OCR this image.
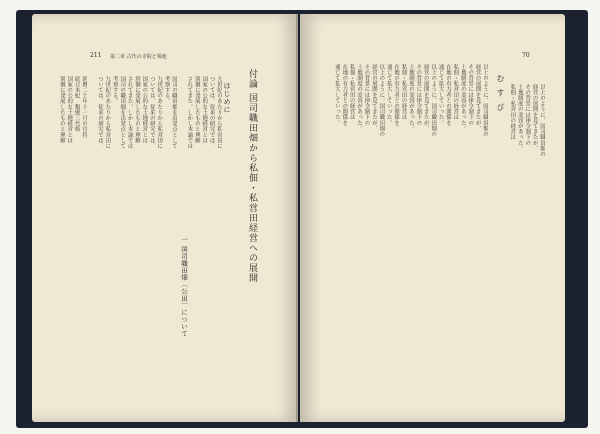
211 第二章 古代の寺院と領地
付論 国司職田畑から私佃・私営田経営への展開
はじめに
一 国司職田畑〔公田〕について
九世紀のあたりから私営田に
ついては、従来の研究では、
国家の公的な土地経営とは
別個に発展したものと理解
されてきた。しかし本論では
国司の職田畑を出発点として
考察する。
九世紀のあたりから私営田に
ついては、従来の研究では、
国家の公的な土地経営とは
別個に発展したものと理解
されてきた。しかし本論では
国司の職田畑を出発点として
考察する。
九世紀のあたりから私営田に
ついては、従来の研究では、
延暦二十年十一月の官符
続日本紀　類聚三代格
国家の公的な土地経営とは
別個に発展したものと理解
70
む す び
以上のように、国司職田畑の
経営の展開を見てきたが、
その背景には律令制下の
土地制度の変容があった。
私佃・私営田の経営は
在地の有力者との関係を
通じて拡大していった。
以上のように、国司職田畑の
経営の展開を見てきたが、
その背景には律令制下の
土地制度の変容があった。
私佃・私営田の経営は
在地の有力者との関係を
通じて拡大していった。
以上のように、国司職田畑の
経営の展開を見てきたが、
その背景には律令制下の
土地制度の変容があった。
私佃・私営田の経営は
在地の有力者との関係を
通じて拡大していった。	以上のように、国司職田畑の
経営の展開を見てきたが、
その背景には律令制下の
土地制度の変容があった。
私佃・私営田の経営は
